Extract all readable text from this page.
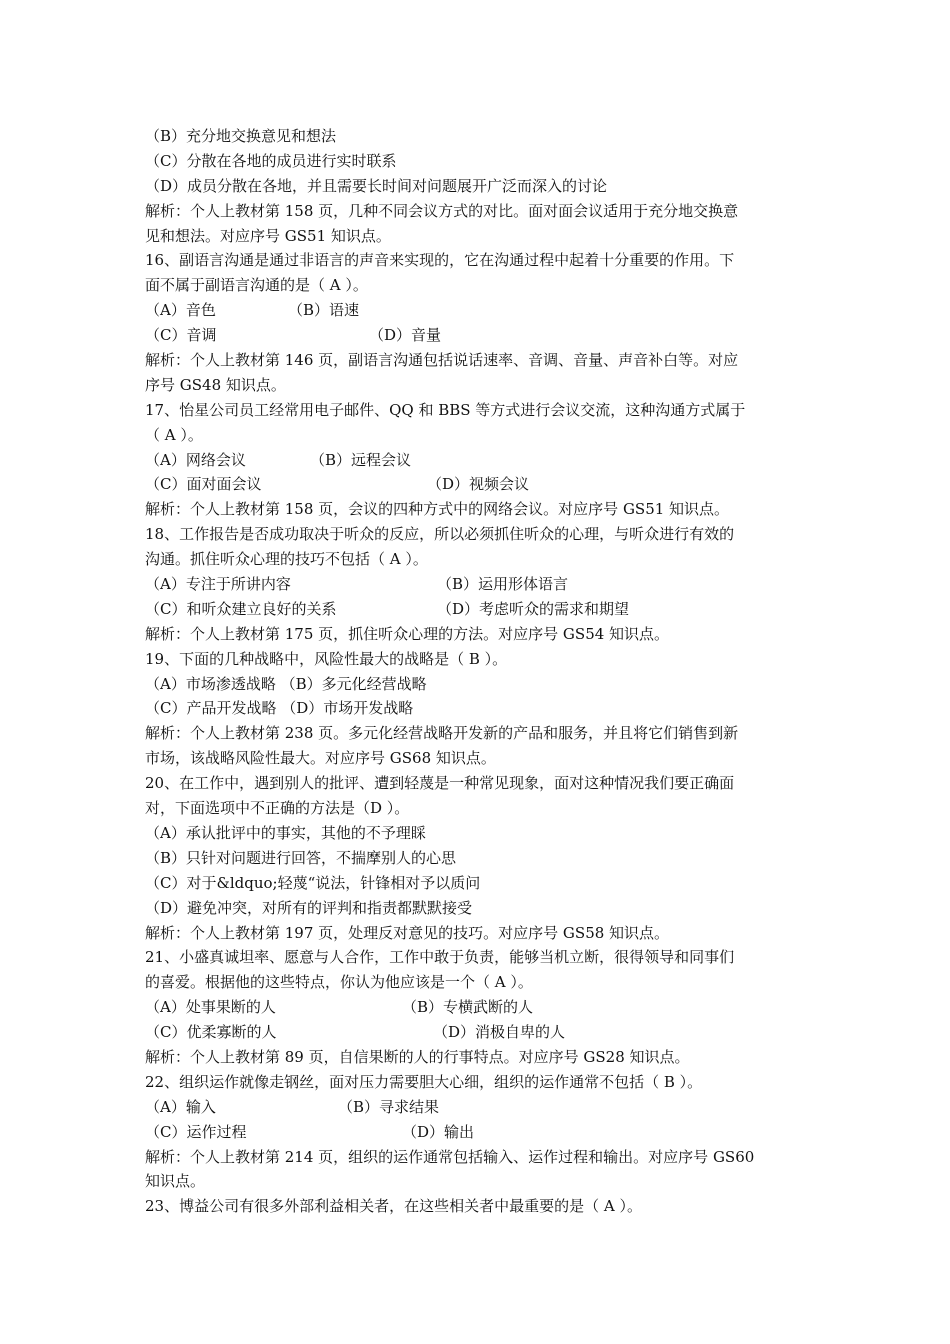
（B）充分地交换意见和想法
（C）分散在各地的成员进行实时联系
（D）成员分散在各地，并且需要长时间对问题展开广泛而深入的讨论
解析：个人上教材第 158 页，几种不同会议方式的对比。面对面会议适用于充分地交换意
见和想法。对应序号 GS51 知识点。
16、副语言沟通是通过非语言的声音来实现的，它在沟通过程中起着十分重要的作用。下
面不属于副语言沟通的是（ A ）。
（A）音色	（B）语速
（C）音调	（D）音量
解析：个人上教材第 146 页，副语言沟通包括说话速率、音调、音量、声音补白等。对应
序号 GS48 知识点。
17、怡星公司员工经常用电子邮件、QQ 和 BBS 等方式进行会议交流，这种沟通方式属于
（ A ）。
（A）网络会议	（B）远程会议
（C）面对面会议	（D）视频会议
解析：个人上教材第 158 页，会议的四种方式中的网络会议。对应序号 GS51 知识点。
18、工作报告是否成功取决于听众的反应，所以必须抓住听众的心理，与听众进行有效的
沟通。抓住听众心理的技巧不包括（ A ）。
（A）专注于所讲内容	（B）运用形体语言
（C）和听众建立良好的关系	（D）考虑听众的需求和期望
解析：个人上教材第 175 页，抓住听众心理的方法。对应序号 GS54 知识点。
19、下面的几种战略中，风险性最大的战略是（ B ）。
（A）市场渗透战略 （B）多元化经营战略
（C）产品开发战略 （D）市场开发战略
解析：个人上教材第 238 页。多元化经营战略开发新的产品和服务，并且将它们销售到新
市场，该战略风险性最大。对应序号 GS68 知识点。
20、在工作中，遇到别人的批评、遭到轻蔑是一种常见现象，面对这种情况我们要正确面
对，下面选项中不正确的方法是（D ）。
（A）承认批评中的事实，其他的不予理睬
（B）只针对问题进行回答，不揣摩别人的心思
（C）对于&ldquo;轻蔑“说法，针锋相对予以质问
（D）避免冲突，对所有的评判和指责都默默接受
解析：个人上教材第 197 页，处理反对意见的技巧。对应序号 GS58 知识点。
21、小盛真诚坦率、愿意与人合作，工作中敢于负责，能够当机立断，很得领导和同事们
的喜爱。根据他的这些特点，你认为他应该是一个（ A ）。
（A）处事果断的人	（B）专横武断的人
（C）优柔寡断的人	（D）消极自卑的人
解析：个人上教材第 89 页，自信果断的人的行事特点。对应序号 GS28 知识点。
22、组织运作就像走钢丝，面对压力需要胆大心细，组织的运作通常不包括（ B ）。
（A）输入	（B）寻求结果
（C）运作过程	（D）输出
解析：个人上教材第 214 页，组织的运作通常包括输入、运作过程和输出。对应序号 GS60
知识点。
23、博益公司有很多外部利益相关者，在这些相关者中最重要的是（ A ）。
